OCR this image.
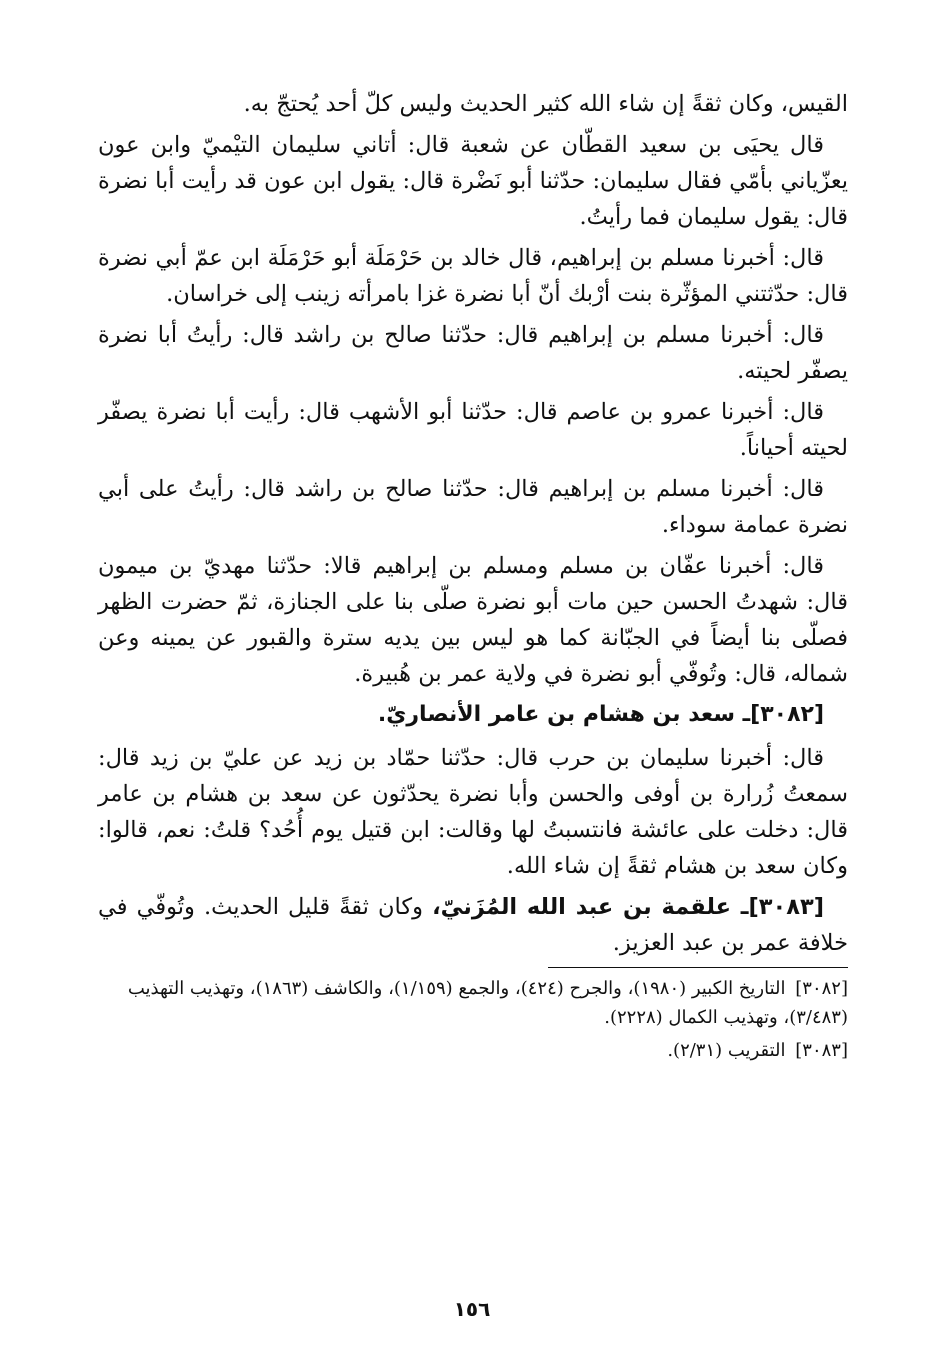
القيس، وكان ثقةً إن شاء الله كثير الحديث وليس كلّ أحد يُحتجّ به.

قال يحيَى بن سعيد القطّان عن شعبة قال: أتاني سليمان التيْميّ وابن عون يعزّياني بأمّي فقال سليمان: حدّثنا أبو نَضْرة قال: يقول ابن عون قد رأيت أبا نضرة قال: يقول سليمان فما رأيتُ.

قال: أخبرنا مسلم بن إبراهيم، قال خالد بن حَرْمَلَة أبو حَرْمَلَة ابن عمّ أبي نضرة قال: حدّثتني المؤثّرة بنت أرْبك أنّ أبا نضرة غزا بامرأته زينب إلى خراسان.

قال: أخبرنا مسلم بن إبراهيم قال: حدّثنا صالح بن راشد قال: رأيتُ أبا نضرة يصفّر لحيته.

قال: أخبرنا عمرو بن عاصم قال: حدّثنا أبو الأشهب قال: رأيت أبا نضرة يصفّر لحيته أحياناً.

قال: أخبرنا مسلم بن إبراهيم قال: حدّثنا صالح بن راشد قال: رأيتُ على أبي نضرة عمامة سوداء.

قال: أخبرنا عفّان بن مسلم ومسلم بن إبراهيم قالا: حدّثنا مهديّ بن ميمون قال: شهدتُ الحسن حين مات أبو نضرة صلّى بنا على الجنازة، ثمّ حضرت الظهر فصلّى بنا أيضاً في الجبّانة كما هو ليس بين يديه سترة والقبور عن يمينه وعن شماله، قال: وتُوفّي أبو نضرة في ولاية عمر بن هُبيرة.

[٣٠٨٢]ـ سعد بن هشام بن عامر الأنصاريّ.

قال: أخبرنا سليمان بن حرب قال: حدّثنا حمّاد بن زيد عن عليّ بن زيد قال: سمعتُ زُرارة بن أوفى والحسن وأبا نضرة يحدّثون عن سعد بن هشام بن عامر قال: دخلت على عائشة فانتسبتُ لها وقالت: ابن قتيل يوم أُحُد؟ قلتُ: نعم، قالوا: وكان سعد بن هشام ثقةً إن شاء الله.

[٣٠٨٣]ـ علقمة بن عبد الله المُزَنيّ، وكان ثقةً قليل الحديث. وتُوفّي في خلافة عمر بن عبد العزيز.

[٣٠٨٢] التاريخ الكبير (١٩٨٠)، والجرح (٤٢٤)، والجمع (١/١٥٩)، والكاشف (١٨٦٣)، وتهذيب التهذيب (٣/٤٨٣)، وتهذيب الكمال (٢٢٢٨).

[٣٠٨٣] التقريب (٢/٣١).

١٥٦
